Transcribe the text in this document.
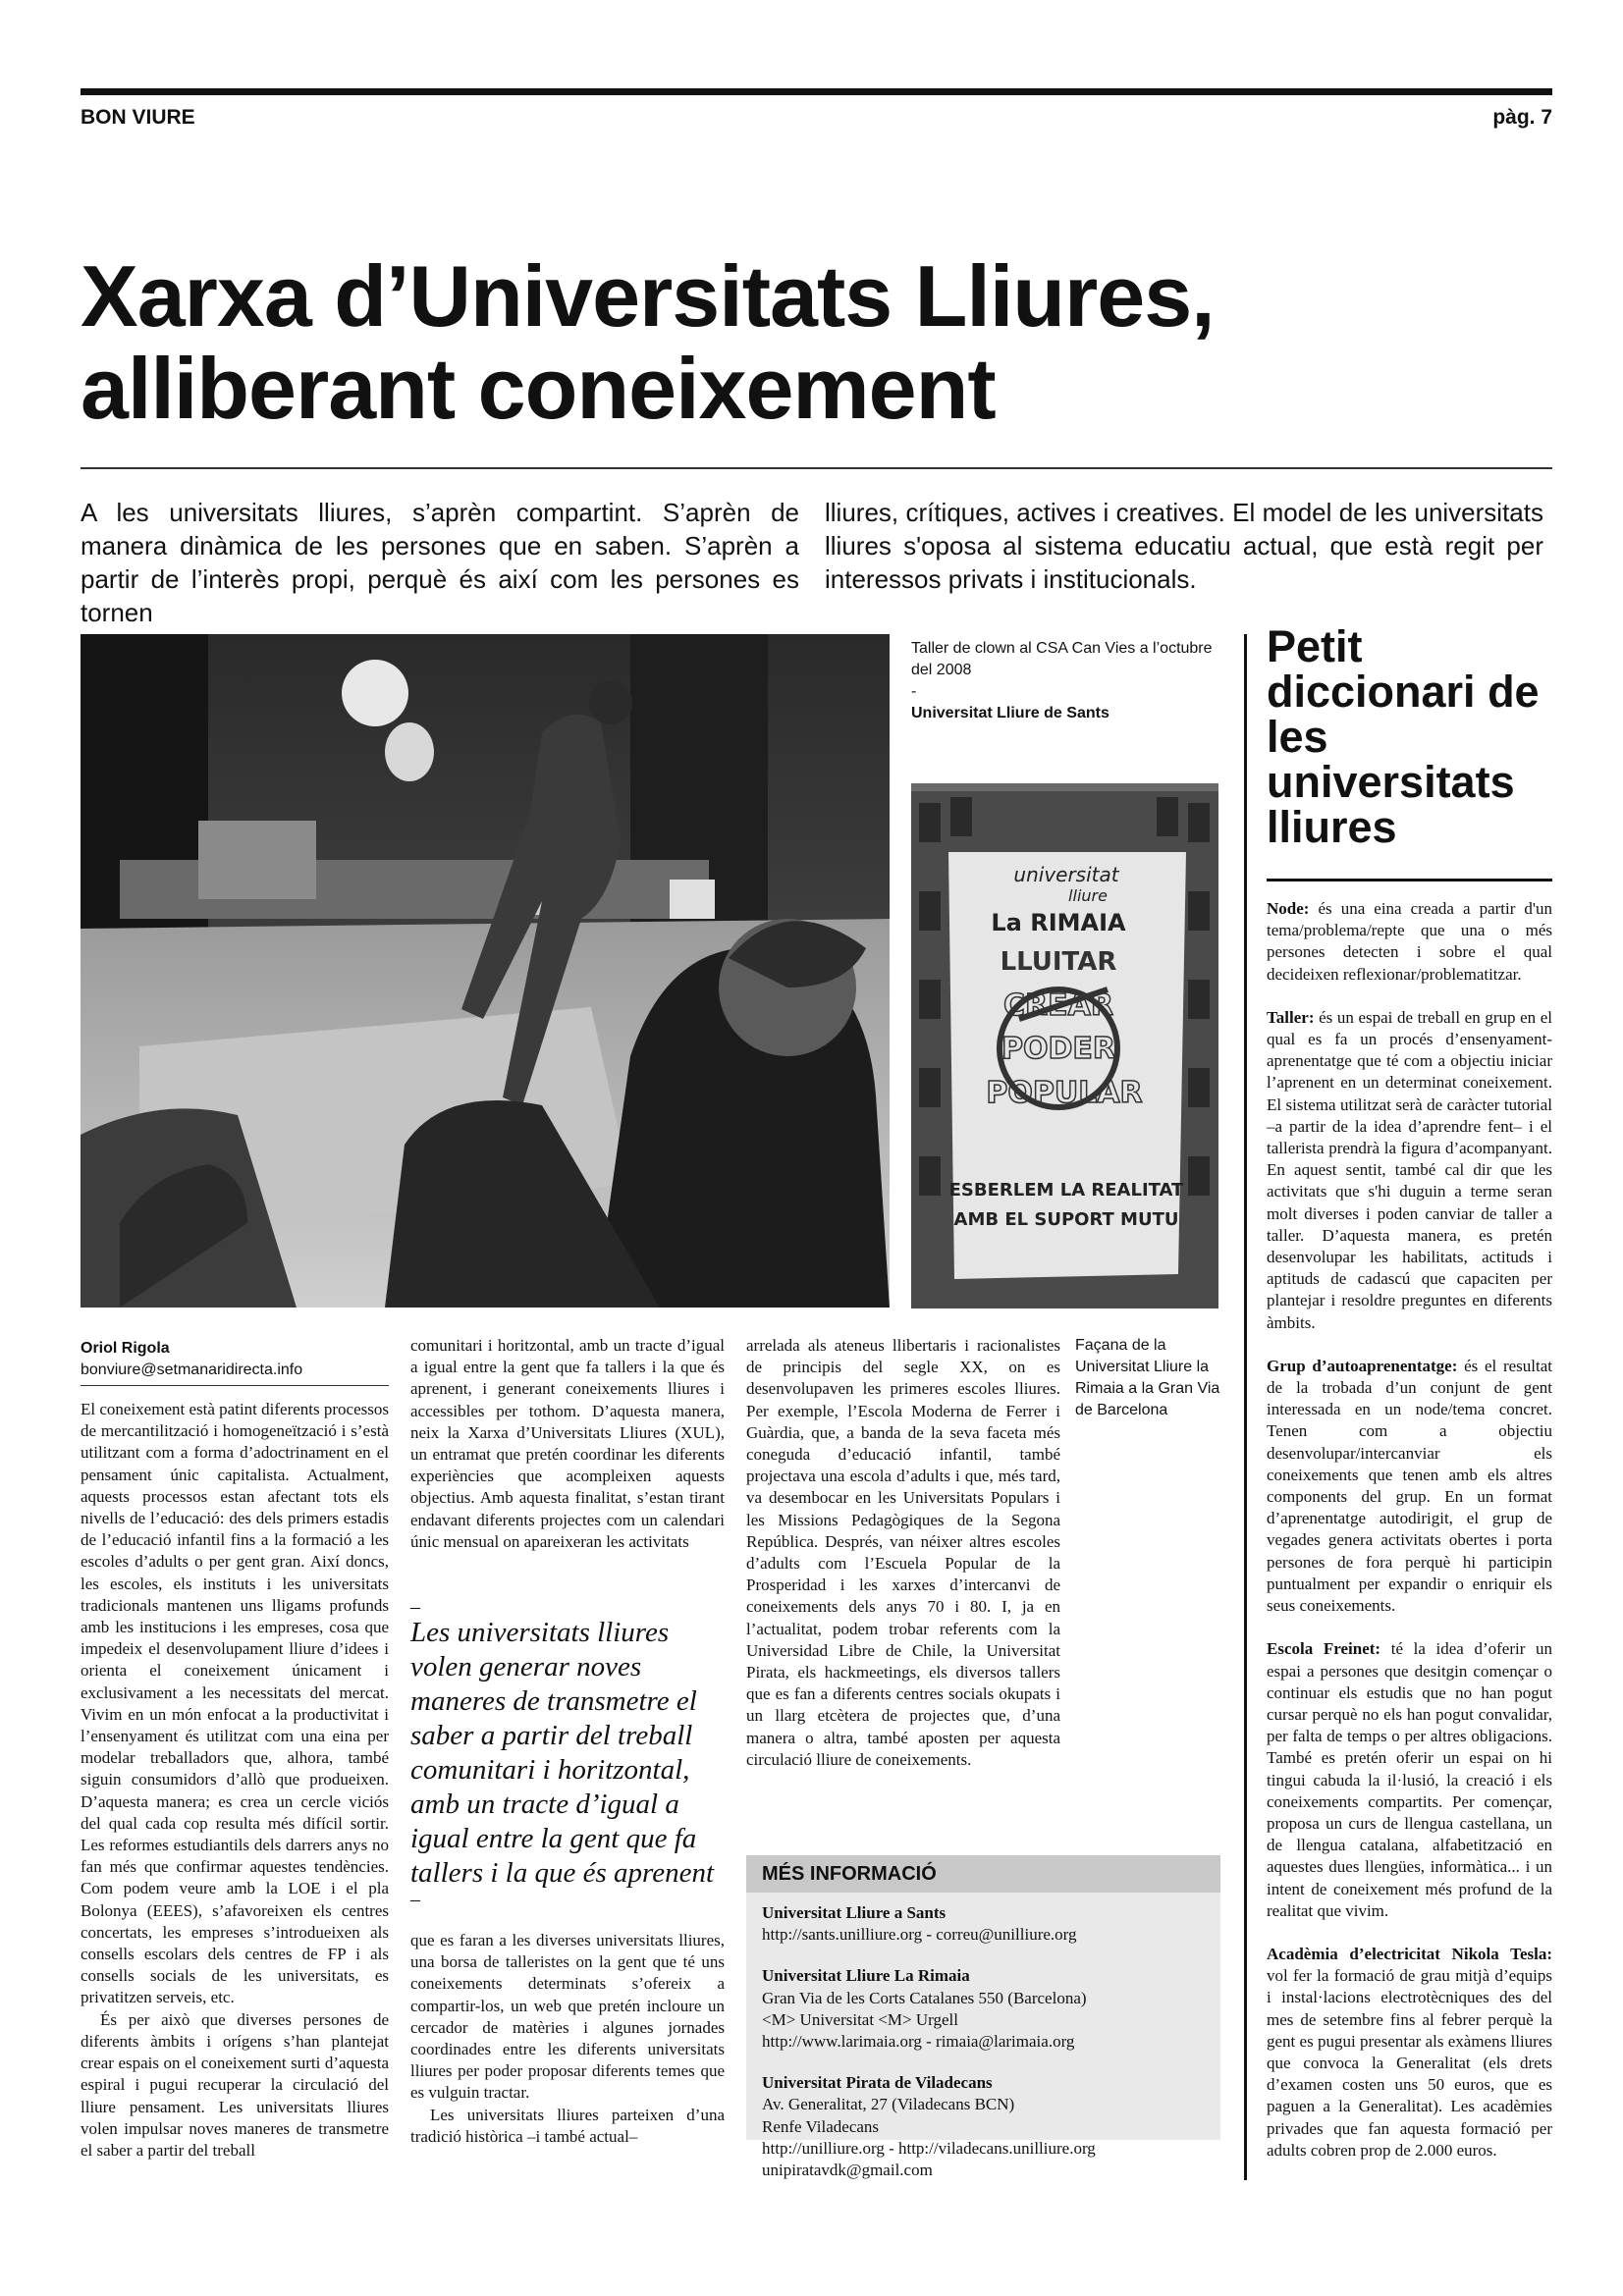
BON VIURE	pàg. 7
Xarxa d’Universitats Lliures,
alliberant coneixement
A les universitats lliures, s’aprèn compartint. S’aprèn de manera dinàmica de les persones que en saben. S’aprèn a partir de l’interès propi, perquè és així com les persones es tornen
lliures, crítiques, actives i creatives. El model de les universitats lliures s'oposa al sistema educatiu actual, que està regit per interessos privats i institucionals.
Taller de clown al CSA Can Vies a l’octubre del 2008
-
Universitat Lliure de Sants
universitat
lliure
La RIMAIA
LLUITAR
CREAR
PODER
POPULAR
ESBERLEM LA REALITAT
AMB EL SUPORT MUTU
Petit diccionari de les universitats lliures

Node: és una eina creada a partir d'un tema/problema/repte que una o més persones detecten i sobre el qual decideixen reflexionar/problematitzar.

Taller: és un espai de treball en grup en el qual es fa un procés d’ensenyament-aprenentatge que té com a objectiu iniciar l’aprenent en un determinat coneixement. El sistema utilitzat serà de caràcter tutorial –a partir de la idea d’aprendre fent– i el tallerista prendrà la figura d’acompanyant. En aquest sentit, també cal dir que les activitats que s'hi duguin a terme seran molt diverses i poden canviar de taller a taller. D’aquesta manera, es pretén desenvolupar les habilitats, actituds i aptituds de cadascú que capaciten per plantejar i resoldre preguntes en diferents àmbits.

Grup d’autoaprenentatge: és el resultat de la trobada d’un conjunt de gent interessada en un node/tema concret. Tenen com a objectiu desenvolupar/intercanviar els coneixements que tenen amb els altres components del grup. En un format d’aprenentatge autodirigit, el grup de vegades genera activitats obertes i porta persones de fora perquè hi participin puntualment per expandir o enriquir els seus coneixements.

Escola Freinet: té la idea d’oferir un espai a persones que desitgin començar o continuar els estudis que no han pogut cursar perquè no els han pogut convalidar, per falta de temps o per altres obligacions. També es pretén oferir un espai on hi tingui cabuda la il·lusió, la creació i els coneixements compartits. Per començar, proposa un curs de llengua castellana, un de llengua catalana, alfabetització en aquestes dues llengües, informàtica... i un intent de coneixement més profund de la realitat que vivim.

Acadèmia d’electricitat Nikola Tesla: vol fer la formació de grau mitjà d’equips i instal·lacions electrotècniques des del mes de setembre fins al febrer perquè la gent es pugui presentar als exàmens lliures que convoca la Generalitat (els drets d’examen costen uns 50 euros, que es paguen a la Generalitat). Les acadèmies privades que fan aquesta formació per adults cobren prop de 2.000 euros.

Oriol Rigola
bonviure@setmanaridirecta.info

El coneixement està patint diferents processos de mercantilització i homogeneïtzació i s’està utilitzant com a forma d’adoctrinament en el pensament únic capitalista. Actualment, aquests processos estan afectant tots els nivells de l’educació: des dels primers estadis de l’educació infantil fins a la formació a les escoles d’adults o per gent gran. Així doncs, les escoles, els instituts i les universitats tradicionals mantenen uns lligams profunds amb les institucions i les empreses, cosa que impedeix el desenvolupament lliure d’idees i orienta el coneixement únicament i exclusivament a les necessitats del mercat. Vivim en un món enfocat a la productivitat i l’ensenyament és utilitzat com una eina per modelar treballadors que, alhora, també siguin consumidors d’allò que produeixen. D’aquesta manera; es crea un cercle viciós del qual cada cop resulta més difícil sortir. Les reformes estudiantils dels darrers anys no fan més que confirmar aquestes tendències. Com podem veure amb la LOE i el pla Bolonya (EEES), s’afavoreixen els centres concertats, les empreses s’introdueixen als consells escolars dels centres de FP i als consells socials de les universitats, es privatitzen serveis, etc.

És per això que diverses persones de diferents àmbits i orígens s’han plantejat crear espais on el coneixement surti d’aquesta espiral i pugui recuperar la circulació del lliure pensament. Les universitats lliures volen impulsar noves maneres de transmetre el saber a partir del treball

comunitari i horitzontal, amb un tracte d’igual a igual entre la gent que fa tallers i la que és aprenent, i generant coneixements lliures i accessibles per tothom. D’aquesta manera, neix la Xarxa d’Universitats Lliures (XUL), un entramat que pretén coordinar les diferents experiències que acompleixen aquests objectius. Amb aquesta finalitat, s’estan tirant endavant diferents projectes com un calendari únic mensual on apareixeran les activitats

–
Les universitats lliures volen generar noves maneres de transmetre el saber a partir del treball comunitari i horitzontal, amb un tracte d’igual a igual entre la gent que fa tallers i la que és aprenent
–

que es faran a les diverses universitats lliures, una borsa de talleristes on la gent que té uns coneixements determinats s’ofereix a compartir-los, un web que pretén incloure un cercador de matèries i algunes jornades coordinades entre les diferents universitats lliures per poder proposar diferents temes que es vulguin tractar.

Les universitats lliures parteixen d’una tradició històrica –i també actual–

arrelada als ateneus llibertaris i racionalistes de principis del segle XX, on es desenvolupaven les primeres escoles lliures. Per exemple, l’Escola Moderna de Ferrer i Guàrdia, que, a banda de la seva faceta més coneguda d’educació infantil, també projectava una escola d’adults i que, més tard, va desembocar en les Universitats Populars i les Missions Pedagògiques de la Segona República. Després, van néixer altres escoles d’adults com l’Escuela Popular de la Prosperidad i les xarxes d’intercanvi de coneixements dels anys 70 i 80. I, ja en l’actualitat, podem trobar referents com la Universidad Libre de Chile, la Universitat Pirata, els hackmeetings, els diversos tallers que es fan a diferents centres socials okupats i un llarg etcètera de projectes que, d’una manera o altra, també aposten per aquesta circulació lliure de coneixements.

Façana de la Universitat Lliure la Rimaia a la Gran Via de Barcelona
MÉS INFORMACIÓ
Universitat Lliure a Sants
http://sants.unilliure.org - correu@unilliure.org
Universitat Lliure La Rimaia
Gran Via de les Corts Catalanes 550 (Barcelona)
<M> Universitat <M> Urgell
http://www.larimaia.org - rimaia@larimaia.org
Universitat Pirata de Viladecans
Av. Generalitat, 27 (Viladecans BCN)
Renfe Viladecans
http://unilliure.org - http://viladecans.unilliure.org
unipiratavdk@gmail.com
